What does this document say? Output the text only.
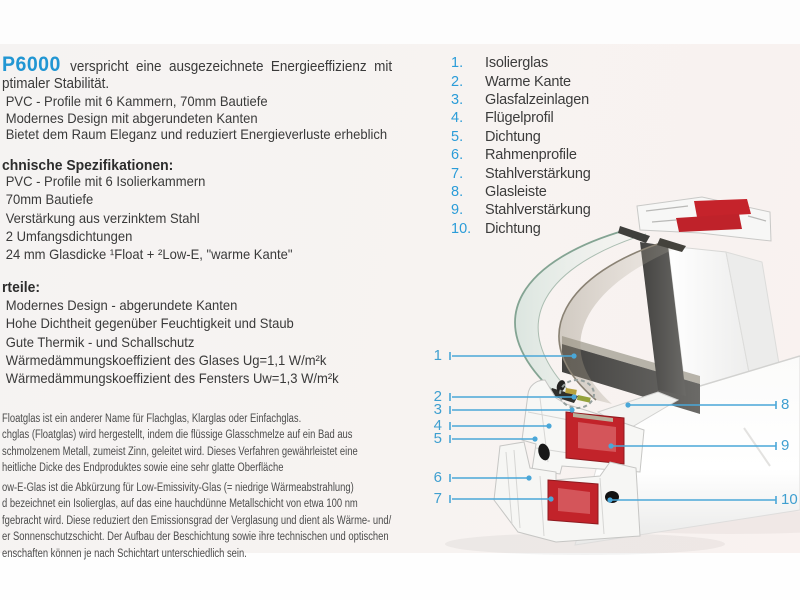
P6000 verspricht eine ausgezeichnete Energieeffizienz mit
ptimaler Stabilität.
PVC - Profile mit 6 Kammern, 70mm Bautiefe
Modernes Design mit abgerundeten Kanten
Bietet dem Raum Eleganz und reduziert Energieverluste erheblich
chnische Spezifikationen:
PVC - Profile mit 6 Isolierkammern
70mm Bautiefe
Verstärkung aus verzinktem Stahl
2 Umfangsdichtungen
24 mm Glasdicke ¹Float + ²Low-E, "warme Kante"
rteile:
Modernes Design - abgerundete Kanten
Hohe Dichtheit gegenüber Feuchtigkeit und Staub
Gute Thermik - und Schallschutz
Wärmedämmungskoeffizient des Glases Ug=1,1 W/m²k
Wärmedämmungskoeffizient des Fensters Uw=1,3 W/m²k
Floatglas ist ein anderer Name für Flachglas, Klarglas oder Einfachglas.
chglas (Floatglas) wird hergestellt, indem die flüssige Glasschmelze auf ein Bad aus
schmolzenem Metall, zumeist Zinn, geleitet wird. Dieses Verfahren gewährleistet eine
heitliche Dicke des Endproduktes sowie eine sehr glatte Oberfläche
ow-E-Glas ist die Abkürzung für Low-Emissivity-Glas (= niedrige Wärmeabstrahlung)
d bezeichnet ein Isolierglas, auf das eine hauchdünne Metallschicht von etwa 100 nm
fgebracht wird. Diese reduziert den Emissionsgrad der Verglasung und dient als Wärme- und/
er Sonnenschutzschicht. Der Aufbau der Beschichtung sowie ihre technischen und optischen
enschaften können je nach Schichtart unterschiedlich sein.
1.	Isolierglas
2.	Warme Kante
3.	Glasfalzeinlagen
4.	Flügelprofil
5.	Dichtung
6.	Rahmenprofile
7.	Stahlverstärkung
8.	Glasleiste
9.	Stahlverstärkung
10. Dichtung
1
2
3
4
5
6
7
8
9
10
